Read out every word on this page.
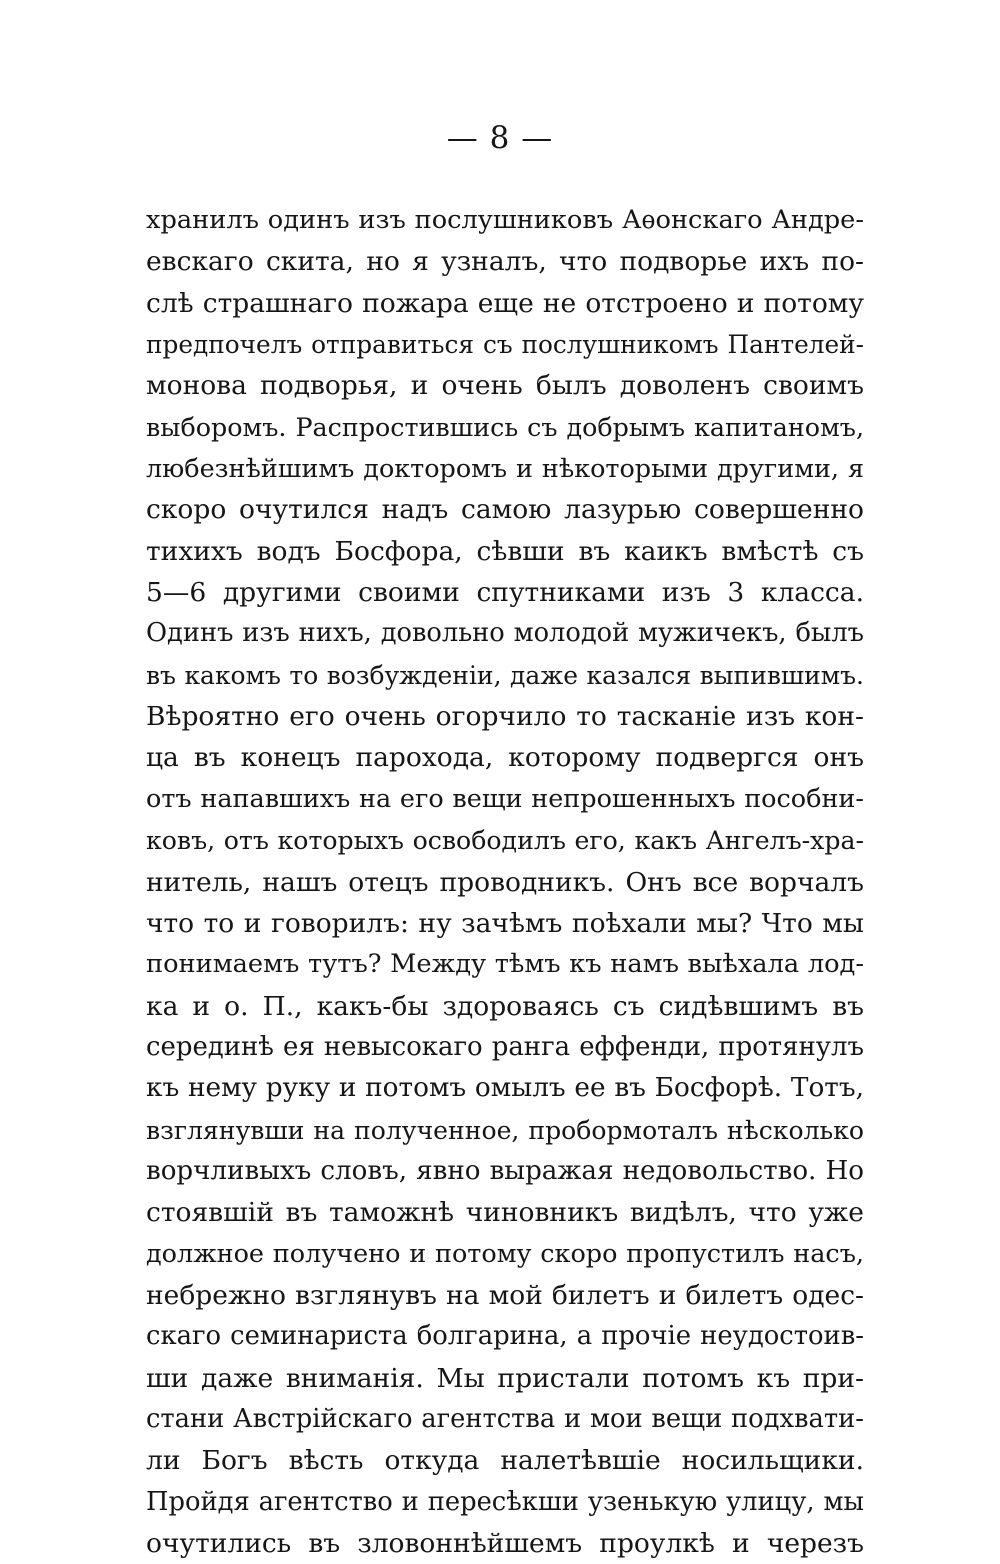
— 8 —
хранилъ одинъ изъ послушниковъ Аѳонскаго Андре-
евскаго скита, но я узналъ, что подворье ихъ по-
слѣ страшнаго пожара еще не отстроено и потому
предпочелъ отправиться съ послушникомъ Пантелей-
монова подворья, и очень былъ доволенъ своимъ
выборомъ. Распростившись съ добрымъ капитаномъ,
любезнѣйшимъ докторомъ и нѣкоторыми другими, я
скоро очутился надъ самою лазурью совершенно
тихихъ водъ Босфора, сѣвши въ каикъ вмѣстѣ съ
5—6 другими своими спутниками изъ 3 класса.
Одинъ изъ нихъ, довольно молодой мужичекъ, былъ
въ какомъ то возбужденіи, даже казался выпившимъ.
Вѣроятно его очень огорчило то тасканіе изъ кон-
ца въ конецъ парохода, которому подвергся онъ
отъ напавшихъ на его вещи непрошенныхъ пособни-
ковъ, отъ которыхъ освободилъ его, какъ Ангелъ-хра-
нитель, нашъ отецъ проводникъ. Онъ все ворчалъ
что то и говорилъ: ну зачѣмъ поѣхали мы? Что мы
понимаемъ тутъ? Между тѣмъ къ намъ выѣхала лод-
ка и о. П., какъ-бы здороваясь съ сидѣвшимъ въ
серединѣ ея невысокаго ранга еффенди, протянулъ
къ нему руку и потомъ омылъ ее въ Босфорѣ. Тотъ,
взглянувши на полученное, пробормоталъ нѣсколько
ворчливыхъ словъ, явно выражая недовольство. Но
стоявшій въ таможнѣ чиновникъ видѣлъ, что уже
должное получено и потому скоро пропустилъ насъ,
небрежно взглянувъ на мой билетъ и билетъ одес-
скаго семинариста болгарина, а прочіе неудостоив-
ши даже вниманія. Мы пристали потомъ къ при-
стани Австрійскаго агентства и мои вещи подхвати-
ли Богъ вѣсть откуда налетѣвшіе носильщики.
Пройдя агентство и пересѣкши узенькую улицу, мы
очутились въ зловоннѣйшемъ проулкѣ и черезъ
